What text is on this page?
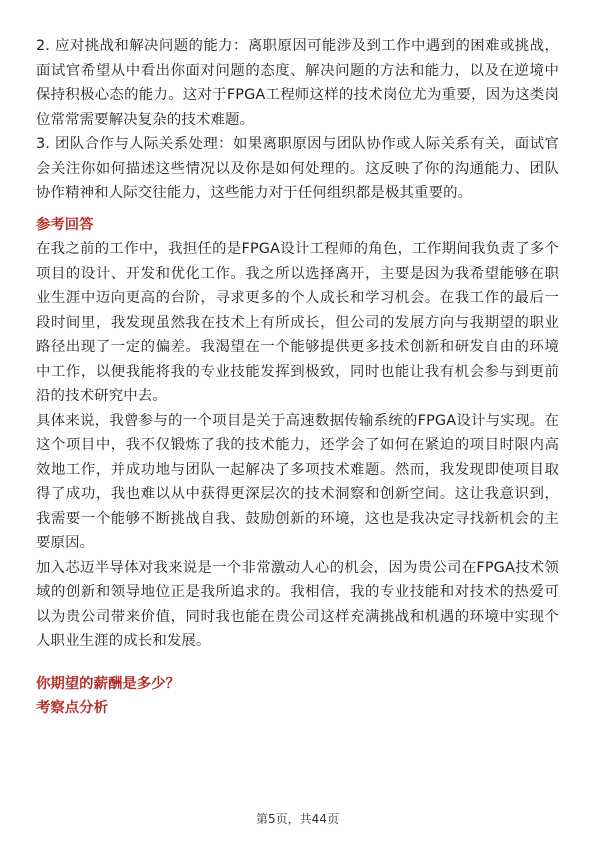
2. 应对挑战和解决问题的能力：离职原因可能涉及到工作中遇到的困难或挑战，面试官希望从中看出你面对问题的态度、解决问题的方法和能力，以及在逆境中保持积极心态的能力。这对于FPGA工程师这样的技术岗位尤为重要，因为这类岗位常常需要解决复杂的技术难题。

3. 团队合作与人际关系处理：如果离职原因与团队协作或人际关系有关，面试官会关注你如何描述这些情况以及你是如何处理的。这反映了你的沟通能力、团队协作精神和人际交往能力，这些能力对于任何组织都是极其重要的。

参考回答

在我之前的工作中，我担任的是FPGA设计工程师的角色，工作期间我负责了多个项目的设计、开发和优化工作。我之所以选择离开，主要是因为我希望能够在职业生涯中迈向更高的台阶，寻求更多的个人成长和学习机会。在我工作的最后一段时间里，我发现虽然我在技术上有所成长，但公司的发展方向与我期望的职业路径出现了一定的偏差。我渴望在一个能够提供更多技术创新和研发自由的环境中工作，以便我能将我的专业技能发挥到极致，同时也能让我有机会参与到更前沿的技术研究中去。

具体来说，我曾参与的一个项目是关于高速数据传输系统的FPGA设计与实现。在这个项目中，我不仅锻炼了我的技术能力，还学会了如何在紧迫的项目时限内高效地工作，并成功地与团队一起解决了多项技术难题。然而，我发现即使项目取得了成功，我也难以从中获得更深层次的技术洞察和创新空间。这让我意识到，我需要一个能够不断挑战自我、鼓励创新的环境，这也是我决定寻找新机会的主要原因。

加入芯迈半导体对我来说是一个非常激动人心的机会，因为贵公司在FPGA技术领域的创新和领导地位正是我所追求的。我相信，我的专业技能和对技术的热爱可以为贵公司带来价值，同时我也能在贵公司这样充满挑战和机遇的环境中实现个人职业生涯的成长和发展。

你期望的薪酬是多少？
考察点分析
第5页，共44页
